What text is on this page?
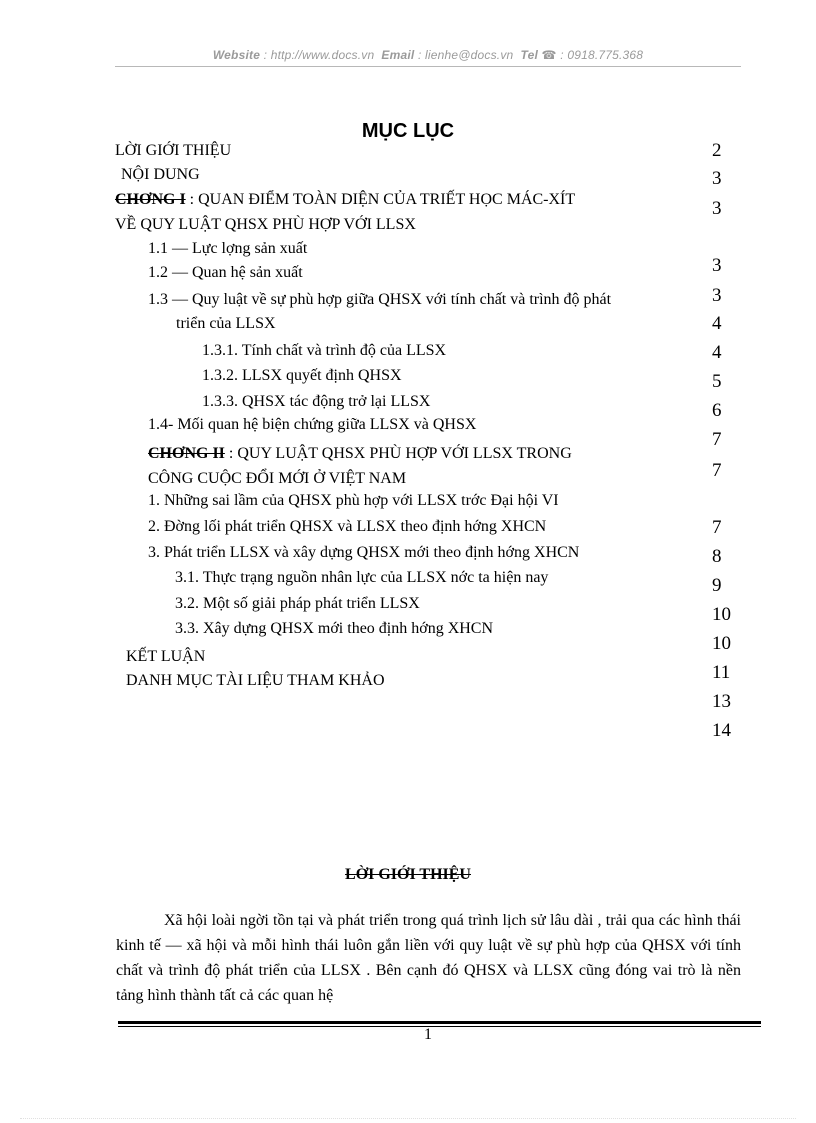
Website : http://www.docs.vn Email : lienhe@docs.vn Tel ☎ : 0918.775.368
MỤC LỤC
LỜI GIỚI THIỆU
NỘI DUNG
CHƠNG I : QUAN ĐIỂM TOÀN DIỆN CỦA TRIẾT HỌC MÁC-XÍT
VỀ QUY LUẬT QHSX PHÙ HỢP VỚI LLSX
1.1 — Lực lợng sản xuất
1.2 — Quan hệ sản xuất
1.3 — Quy luật về sự phù hợp giữa QHSX với tính chất và trình độ phát
triển của LLSX
1.3.1. Tính chất và trình độ của LLSX
1.3.2. LLSX quyết định QHSX
1.3.3. QHSX tác động trở lại LLSX
1.4- Mối quan hệ biện chứng giữa LLSX và QHSX
CHƠNG II : QUY LUẬT QHSX PHÙ HỢP VỚI LLSX TRONG
CÔNG CUỘC ĐỔI MỚI Ở VIỆT NAM
1. Những sai lầm của QHSX phù hợp với LLSX trớc Đại hội VI
2. Đờng lối phát triển QHSX và LLSX theo định hớng XHCN
3. Phát triển LLSX và xây dựng QHSX mới theo định hớng XHCN
3.1. Thực trạng nguồn nhân lực của LLSX nớc ta hiện nay
3.2. Một số giải pháp phát triển LLSX
3.3. Xây dựng QHSX mới theo định hớng XHCN
KẾT LUẬN
DANH MỤC TÀI LIỆU THAM KHẢO
2
3
3
3
3
4
4
5
6
7
7
7
8
9
10
10
11
13
14
LỜI GIỚI THIỆU
Xã hội loài ngời tồn tại và phát triển trong quá trình lịch sử lâu dài , trải qua các hình thái kinh tế — xã hội và mỗi hình thái luôn gắn liền với quy luật về sự phù hợp của QHSX với tính chất và trình độ phát triển của LLSX . Bên cạnh đó QHSX và LLSX cũng đóng vai trò là nền tảng hình thành tất cả các quan hệ
1
